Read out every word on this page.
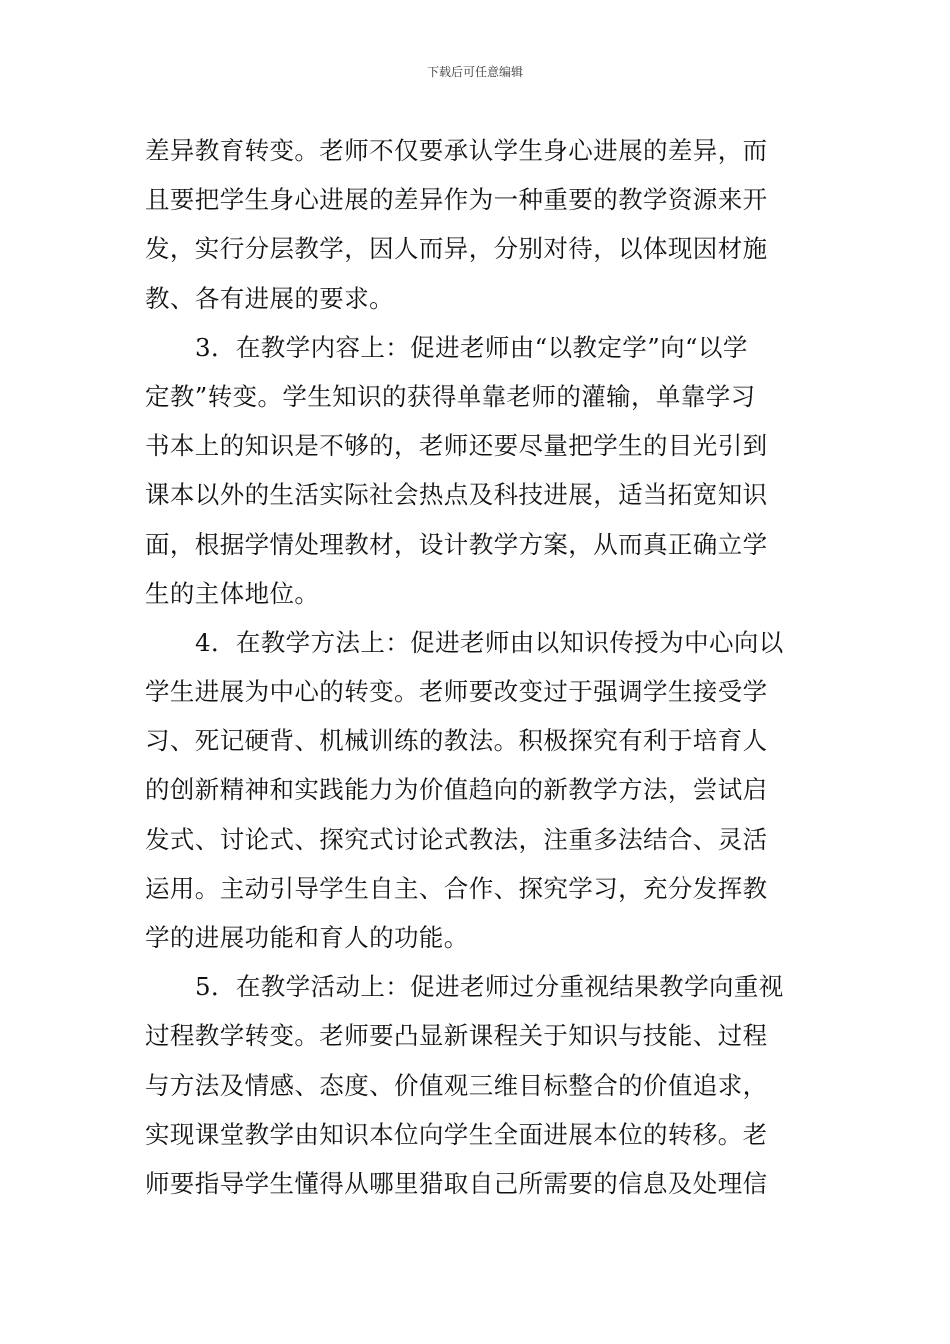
下载后可任意编辑
差异教育转变。老师不仅要承认学生身心进展的差异，而
且要把学生身心进展的差异作为一种重要的教学资源来开
发，实行分层教学，因人而异，分别对待，以体现因材施
教、各有进展的要求。
3．在教学内容上：促进老师由“以教定学”向“以学
定教”转变。学生知识的获得单靠老师的灌输，单靠学习
书本上的知识是不够的，老师还要尽量把学生的目光引到
课本以外的生活实际社会热点及科技进展，适当拓宽知识
面，根据学情处理教材，设计教学方案，从而真正确立学
生的主体地位。
4．在教学方法上：促进老师由以知识传授为中心向以
学生进展为中心的转变。老师要改变过于强调学生接受学
习、死记硬背、机械训练的教法。积极探究有利于培育人
的创新精神和实践能力为价值趋向的新教学方法，尝试启
发式、讨论式、探究式讨论式教法，注重多法结合、灵活
运用。主动引导学生自主、合作、探究学习，充分发挥教
学的进展功能和育人的功能。
5．在教学活动上：促进老师过分重视结果教学向重视
过程教学转变。老师要凸显新课程关于知识与技能、过程
与方法及情感、态度、价值观三维目标整合的价值追求，
实现课堂教学由知识本位向学生全面进展本位的转移。老
师要指导学生懂得从哪里猎取自己所需要的信息及处理信
